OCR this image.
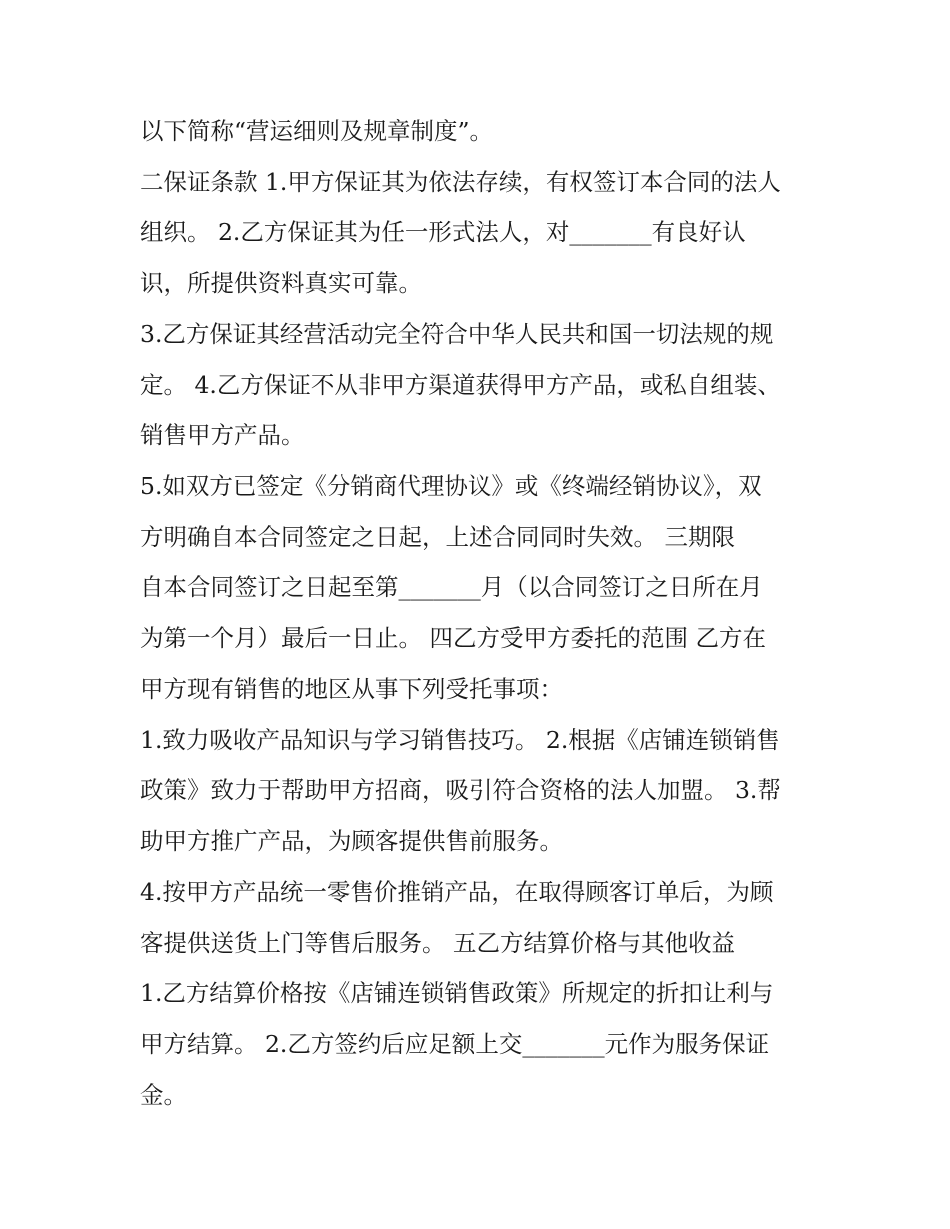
以下简称“营运细则及规章制度”。
二保证条款 1.甲方保证其为依法存续，有权签订本合同的法人
组织。 2.乙方保证其为任一形式法人，对_______有良好认
识，所提供资料真实可靠。
3.乙方保证其经营活动完全符合中华人民共和国一切法规的规
定。 4.乙方保证不从非甲方渠道获得甲方产品，或私自组装、
销售甲方产品。
5.如双方已签定《分销商代理协议》或《终端经销协议》，双
方明确自本合同签定之日起，上述合同同时失效。 三期限
自本合同签订之日起至第_______月（以合同签订之日所在月
为第一个月）最后一日止。 四乙方受甲方委托的范围 乙方在
甲方现有销售的地区从事下列受托事项：
1.致力吸收产品知识与学习销售技巧。 2.根据《店铺连锁销售
政策》致力于帮助甲方招商，吸引符合资格的法人加盟。 3.帮
助甲方推广产品，为顾客提供售前服务。
4.按甲方产品统一零售价推销产品，在取得顾客订单后，为顾
客提供送货上门等售后服务。 五乙方结算价格与其他收益
1.乙方结算价格按《店铺连锁销售政策》所规定的折扣让利与
甲方结算。 2.乙方签约后应足额上交_______元作为服务保证
金。
